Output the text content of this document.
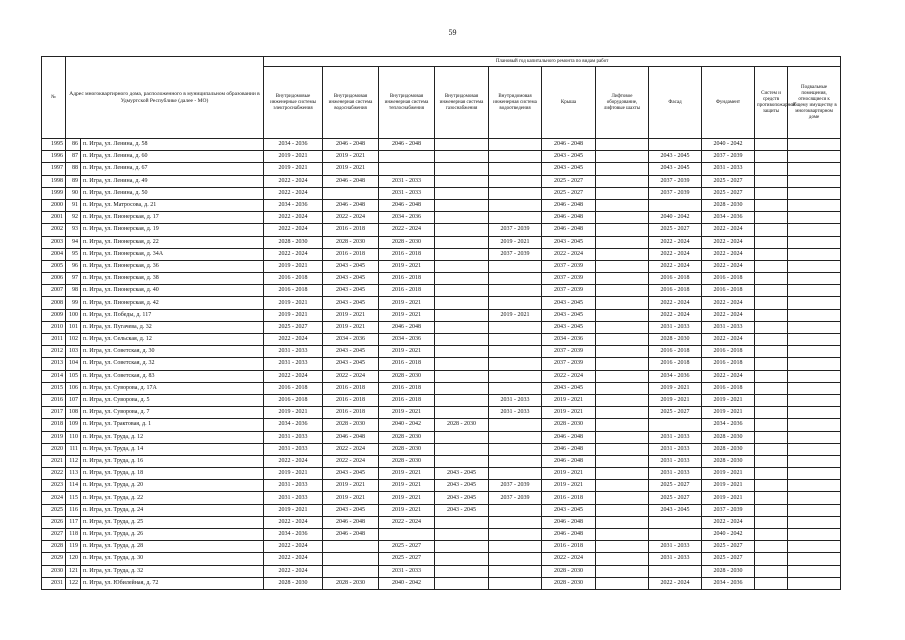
59
№	Адрес многоквартирного дома, расположенного в муниципальном образовании в Удмуртской Республике (далее - МО)		Плановый год капитального ремонта по видам работ										
			Внутридомовые инженерные системы электроснабжения	Внутридомовая инженерная система водоснабжения	Внутридомовая инженерная система теплоснабжения	Внутридомовая инженерная система газоснабжения	Внутридомовая инженерная система водоотведения	Крыша	Лифтовое оборудование, лифтовые шахты	Фасад	Фундамент	Систем и средств противопожарной защиты	Подвальные помещения, относящиеся к общему имуществу в многоквартирном доме
1995	86	п. Игра, ул. Ленина, д. 58	2034 - 2036	2046 - 2048	2046 - 2048			2046 - 2048			2040 - 2042		
1996	87	п. Игра, ул. Ленина, д. 60	2019 - 2021	2019 - 2021				2043 - 2045		2043 - 2045	2037 - 2039		
1997	88	п. Игра, ул. Ленина, д. 67	2019 - 2021	2019 - 2021				2043 - 2045		2043 - 2045	2031 - 2033		
1998	89	п. Игра, ул. Ленина, д. 49	2022 - 2024	2046 - 2048	2031 - 2033			2025 - 2027		2037 - 2039	2025 - 2027		
1999	90	п. Игра, ул. Ленина, д. 50	2022 - 2024		2031 - 2033			2025 - 2027		2037 - 2039	2025 - 2027		
2000	91	п. Игра, ул. Матросова, д. 21	2034 - 2036	2046 - 2048	2046 - 2048			2046 - 2048			2028 - 2030		
2001	92	п. Игра, ул. Пионерская, д. 17	2022 - 2024	2022 - 2024	2034 - 2036			2046 - 2048		2040 - 2042	2034 - 2036		
2002	93	п. Игра, ул. Пионерская, д. 19	2022 - 2024	2016 - 2018	2022 - 2024		2037 - 2039	2046 - 2048		2025 - 2027	2022 - 2024		
2003	94	п. Игра, ул. Пионерская, д. 22	2028 - 2030	2028 - 2030	2028 - 2030		2019 - 2021	2043 - 2045		2022 - 2024	2022 - 2024		
2004	95	п. Игра, ул. Пионерская, д. 34А	2022 - 2024	2016 - 2018	2016 - 2018		2037 - 2039	2022 - 2024		2022 - 2024	2022 - 2024		
2005	96	п. Игра, ул. Пионерская, д. 36	2019 - 2021	2043 - 2045	2019 - 2021			2037 - 2039		2022 - 2024	2022 - 2024		
2006	97	п. Игра, ул. Пионерская, д. 38	2016 - 2018	2043 - 2045	2016 - 2018			2037 - 2039		2016 - 2018	2016 - 2018		
2007	98	п. Игра, ул. Пионерская, д. 40	2016 - 2018	2043 - 2045	2016 - 2018			2037 - 2039		2016 - 2018	2016 - 2018		
2008	99	п. Игра, ул. Пионерская, д. 42	2019 - 2021	2043 - 2045	2019 - 2021			2043 - 2045		2022 - 2024	2022 - 2024		
2009	100	п. Игра, ул. Победы, д. 117	2019 - 2021	2019 - 2021	2019 - 2021		2019 - 2021	2043 - 2045		2022 - 2024	2022 - 2024		
2010	101	п. Игра, ул. Пугачева, д. 32	2025 - 2027	2019 - 2021	2046 - 2048			2043 - 2045		2031 - 2033	2031 - 2033		
2011	102	п. Игра, ул. Сельская, д. 12	2022 - 2024	2034 - 2036	2034 - 2036			2034 - 2036		2028 - 2030	2022 - 2024		
2012	103	п. Игра, ул. Советская, д. 30	2031 - 2033	2043 - 2045	2019 - 2021			2037 - 2039		2016 - 2018	2016 - 2018		
2013	104	п. Игра, ул. Советская, д. 32	2031 - 2033	2043 - 2045	2016 - 2018			2037 - 2039		2016 - 2018	2016 - 2018		
2014	105	п. Игра, ул. Советская, д. 83	2022 - 2024	2022 - 2024	2028 - 2030			2022 - 2024		2034 - 2036	2022 - 2024		
2015	106	п. Игра, ул. Суворова, д. 17А	2016 - 2018	2016 - 2018	2016 - 2018			2043 - 2045		2019 - 2021	2016 - 2018		
2016	107	п. Игра, ул. Суворова, д. 5	2016 - 2018	2016 - 2018	2016 - 2018		2031 - 2033	2019 - 2021		2019 - 2021	2019 - 2021		
2017	108	п. Игра, ул. Суворова, д. 7	2019 - 2021	2016 - 2018	2019 - 2021		2031 - 2033	2019 - 2021		2025 - 2027	2019 - 2021		
2018	109	п. Игра, ул. Трактовая, д. 1	2034 - 2036	2028 - 2030	2040 - 2042	2028 - 2030		2028 - 2030			2034 - 2036		
2019	110	п. Игра, ул. Труда, д. 12	2031 - 2033	2046 - 2048	2028 - 2030			2046 - 2048		2031 - 2033	2028 - 2030		
2020	111	п. Игра, ул. Труда, д. 14	2031 - 2033	2022 - 2024	2028 - 2030			2046 - 2048		2031 - 2033	2028 - 2030		
2021	112	п. Игра, ул. Труда, д. 16	2022 - 2024	2022 - 2024	2028 - 2030			2046 - 2048		2031 - 2033	2028 - 2030		
2022	113	п. Игра, ул. Труда, д. 18	2019 - 2021	2043 - 2045	2019 - 2021	2043 - 2045		2019 - 2021		2031 - 2033	2019 - 2021		
2023	114	п. Игра, ул. Труда, д. 20	2031 - 2033	2019 - 2021	2019 - 2021	2043 - 2045	2037 - 2039	2019 - 2021		2025 - 2027	2019 - 2021		
2024	115	п. Игра, ул. Труда, д. 22	2031 - 2033	2019 - 2021	2019 - 2021	2043 - 2045	2037 - 2039	2016 - 2018		2025 - 2027	2019 - 2021		
2025	116	п. Игра, ул. Труда, д. 24	2019 - 2021	2043 - 2045	2019 - 2021	2043 - 2045		2043 - 2045		2043 - 2045	2037 - 2039		
2026	117	п. Игра, ул. Труда, д. 25	2022 - 2024	2046 - 2048	2022 - 2024			2046 - 2048			2022 - 2024		
2027	118	п. Игра, ул. Труда, д. 26	2034 - 2036	2046 - 2048				2046 - 2048			2040 - 2042		
2028	119	п. Игра, ул. Труда, д. 28	2022 - 2024		2025 - 2027			2016 - 2018		2031 - 2033	2025 - 2027		
2029	120	п. Игра, ул. Труда, д. 30	2022 - 2024		2025 - 2027			2022 - 2024		2031 - 2033	2025 - 2027		
2030	121	п. Игра, ул. Труда, д. 32	2022 - 2024		2031 - 2033			2028 - 2030			2028 - 2030		
2031	122	п. Игра, ул. Юбилейная, д. 72	2028 - 2030	2028 - 2030	2040 - 2042			2028 - 2030		2022 - 2024	2034 - 2036		
